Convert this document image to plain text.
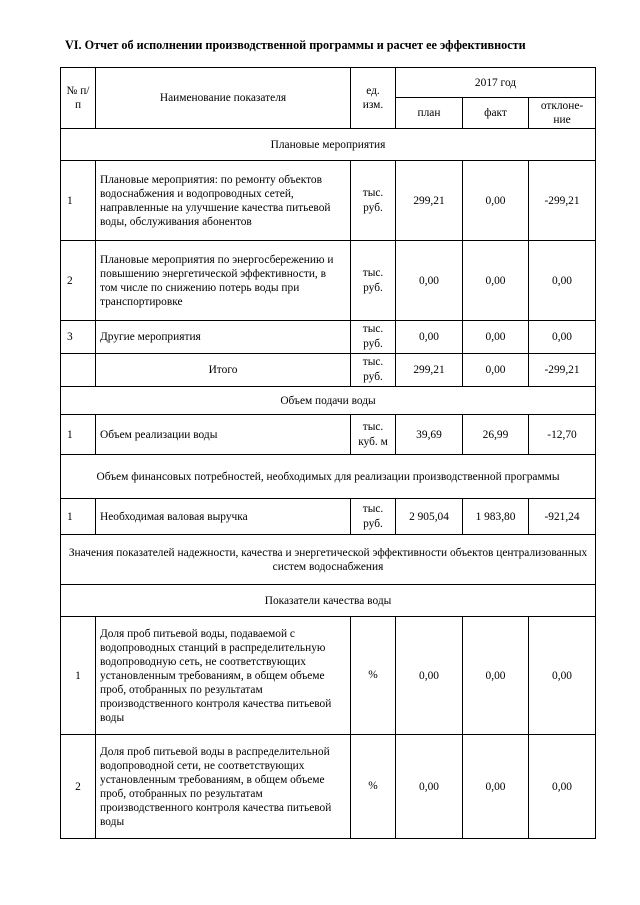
VI. Отчет об исполнении производственной программы и расчет ее эффективности
№ п/п	Наименование показателя	ед. изм.	2017 год		
			план	факт	отклоне-ние
Плановые мероприятия					
1	Плановые мероприятия: по ремонту объектов водоснабжения и водопроводных сетей, направленные на улучшение качества питьевой воды, обслуживания абонентов	тыс. руб.	299,21	0,00	-299,21
2	Плановые мероприятия по энергосбережению и повышению энергетической эффективности, в том числе по снижению потерь воды при транспортировке	тыс. руб.	0,00	0,00	0,00
3	Другие мероприятия	тыс. руб.	0,00	0,00	0,00
	Итого	тыс. руб.	299,21	0,00	-299,21
Объем подачи воды					
1	Объем реализации воды	тыс. куб. м	39,69	26,99	-12,70
Объем финансовых потребностей, необходимых для реализации производственной программы					
1	Необходимая валовая выручка	тыс. руб.	2 905,04	1 983,80	-921,24
Значения показателей надежности, качества и энергетической эффективности объектов централизованных систем водоснабжения					
Показатели качества воды					
1	Доля проб питьевой воды, подаваемой с водопроводных станций в распределительную водопроводную сеть, не соответствующих установленным требованиям, в общем объеме проб, отобранных по результатам производственного контроля качества питьевой воды	%	0,00	0,00	0,00
2	Доля проб питьевой воды в распределительной водопроводной сети, не соответствующих установленным требованиям, в общем объеме проб, отобранных по результатам производственного контроля качества питьевой воды	%	0,00	0,00	0,00
